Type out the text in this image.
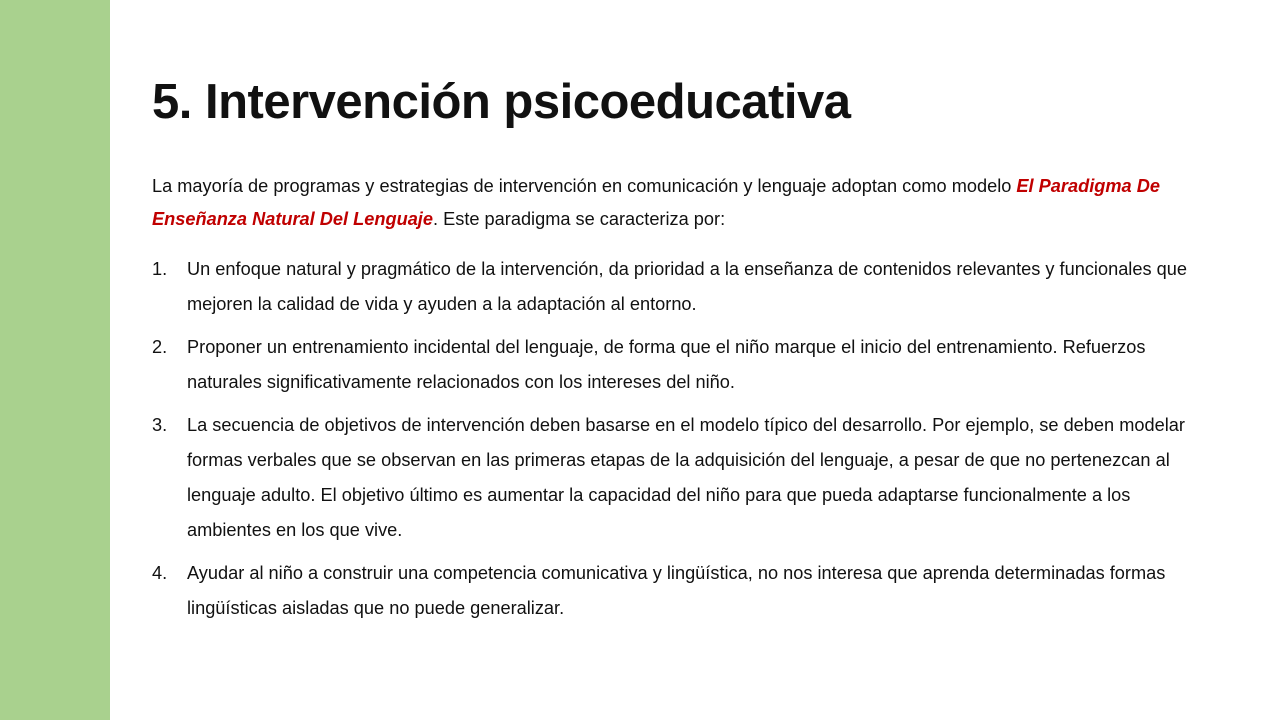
5. Intervención psicoeducativa

La mayoría de programas y estrategias de intervención en comunicación y lenguaje adoptan como modelo El Paradigma De Enseñanza Natural Del Lenguaje. Este paradigma se caracteriza por:

1. Un enfoque natural y pragmático de la intervención, da prioridad a la enseñanza de contenidos relevantes y funcionales que mejoren la calidad de vida y ayuden a la adaptación al entorno.
2. Proponer un entrenamiento incidental del lenguaje, de forma que el niño marque el inicio del entrenamiento. Refuerzos naturales significativamente relacionados con los intereses del niño.
3. La secuencia de objetivos de intervención deben basarse en el modelo típico del desarrollo. Por ejemplo, se deben modelar formas verbales que se observan en las primeras etapas de la adquisición del lenguaje, a pesar de que no pertenezcan al lenguaje adulto. El objetivo último es aumentar la capacidad del niño para que pueda adaptarse funcionalmente a los ambientes en los que vive.
4. Ayudar al niño a construir una competencia comunicativa y lingüística, no nos interesa que aprenda determinadas formas lingüísticas aisladas que no puede generalizar.
